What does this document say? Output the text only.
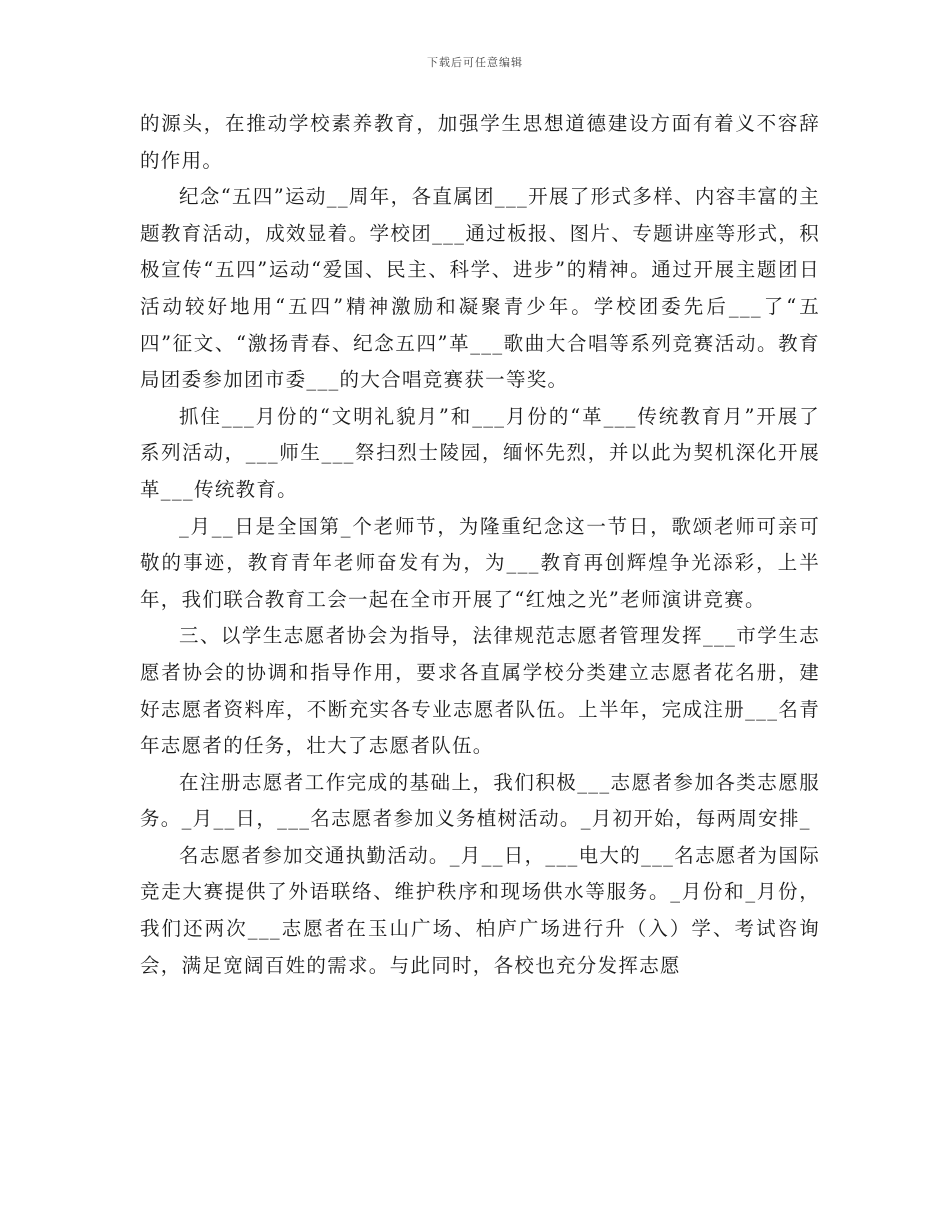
下载后可任意编辑

的源头，在推动学校素养教育，加强学生思想道德建设方面有着义不容辞的作用。

纪念“五四”运动__周年，各直属团___开展了形式多样、内容丰富的主题教育活动，成效显着。学校团___通过板报、图片、专题讲座等形式，积极宣传“五四”运动“爱国、民主、科学、进步”的精神。通过开展主题团日活动较好地用“五四”精神激励和凝聚青少年。学校团委先后___了“五四”征文、“激扬青春、纪念五四”革___歌曲大合唱等系列竞赛活动。教育局团委参加团市委___的大合唱竞赛获一等奖。

抓住___月份的“文明礼貌月”和___月份的“革___传统教育月”开展了系列活动，___师生___祭扫烈士陵园，缅怀先烈，并以此为契机深化开展革___传统教育。

_月__日是全国第_个老师节，为隆重纪念这一节日，歌颂老师可亲可敬的事迹，教育青年老师奋发有为，为___教育再创辉煌争光添彩，上半年，我们联合教育工会一起在全市开展了“红烛之光”老师演讲竞赛。

三、以学生志愿者协会为指导，法律规范志愿者管理发挥___市学生志愿者协会的协调和指导作用，要求各直属学校分类建立志愿者花名册，建好志愿者资料库，不断充实各专业志愿者队伍。上半年，完成注册___名青年志愿者的任务，壮大了志愿者队伍。

在注册志愿者工作完成的基础上，我们积极___志愿者参加各类志愿服务。_月__日，___名志愿者参加义务植树活动。_月初开始，每两周安排_

名志愿者参加交通执勤活动。_月__日，___电大的___名志愿者为国际竞走大赛提供了外语联络、维护秩序和现场供水等服务。_月份和_月份，我们还两次___志愿者在玉山广场、柏庐广场进行升（入）学、考试咨询会，满足宽阔百姓的需求。与此同时，各校也充分发挥志愿
